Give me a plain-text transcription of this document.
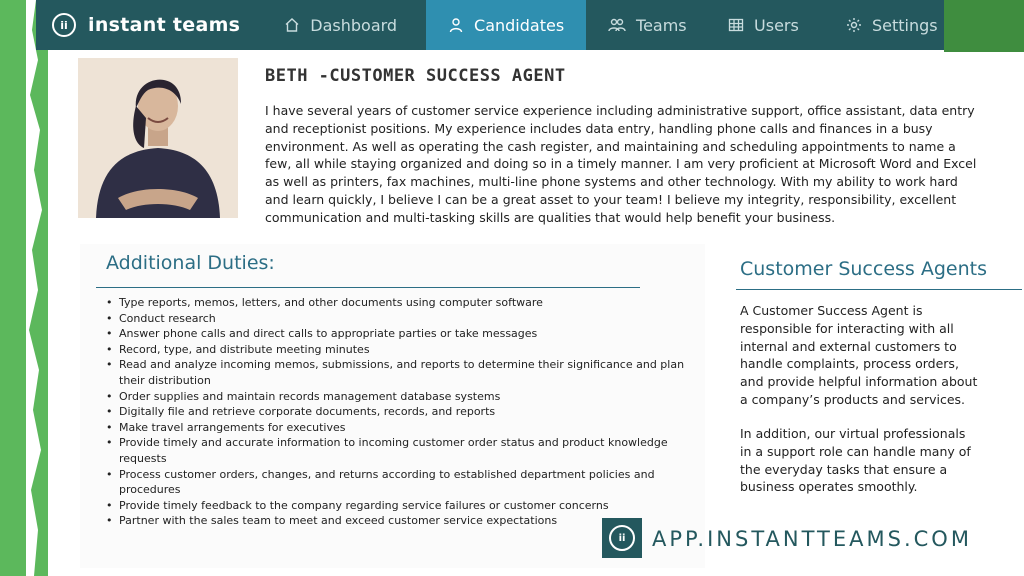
ii	instant teams	Dashboard	Candidates	Teams	Users	Settings
BETH -CUSTOMER SUCCESS AGENT

I have several years of customer service experience including administrative support, office assistant, data entry and receptionist positions. My experience includes data entry, handling phone calls and finances in a busy environment. As well as operating the cash register, and maintaining and scheduling appointments to name a few, all while staying organized and doing so in a timely manner. I am very proficient at Microsoft Word and Excel as well as printers, fax machines, multi-line phone systems and other technology. With my ability to work hard and learn quickly, I believe I can be a great asset to your team! I believe my integrity, responsibility, excellent communication and multi-tasking skills are qualities that would help benefit your business.

Additional Duties:
• Type reports, memos, letters, and other documents using computer software
• Conduct research
• Answer phone calls and direct calls to appropriate parties or take messages
• Record, type, and distribute meeting minutes
• Read and analyze incoming memos, submissions, and reports to determine their significance and plan their distribution
• Order supplies and maintain records management database systems
• Digitally file and retrieve corporate documents, records, and reports
• Make travel arrangements for executives
• Provide timely and accurate information to incoming customer order status and product knowledge requests
• Process customer orders, changes, and returns according to established department policies and procedures
• Provide timely feedback to the company regarding service failures or customer concerns
• Partner with the sales team to meet and exceed customer service expectations
Customer Success Agents

A Customer Success Agent is responsible for interacting with all internal and external customers to handle complaints, process orders, and provide helpful information about a company’s products and services.

In addition, our virtual professionals in a support role can handle many of the everyday tasks that ensure a business operates smoothly.

ii	APP.INSTANTTEAMS.COM
